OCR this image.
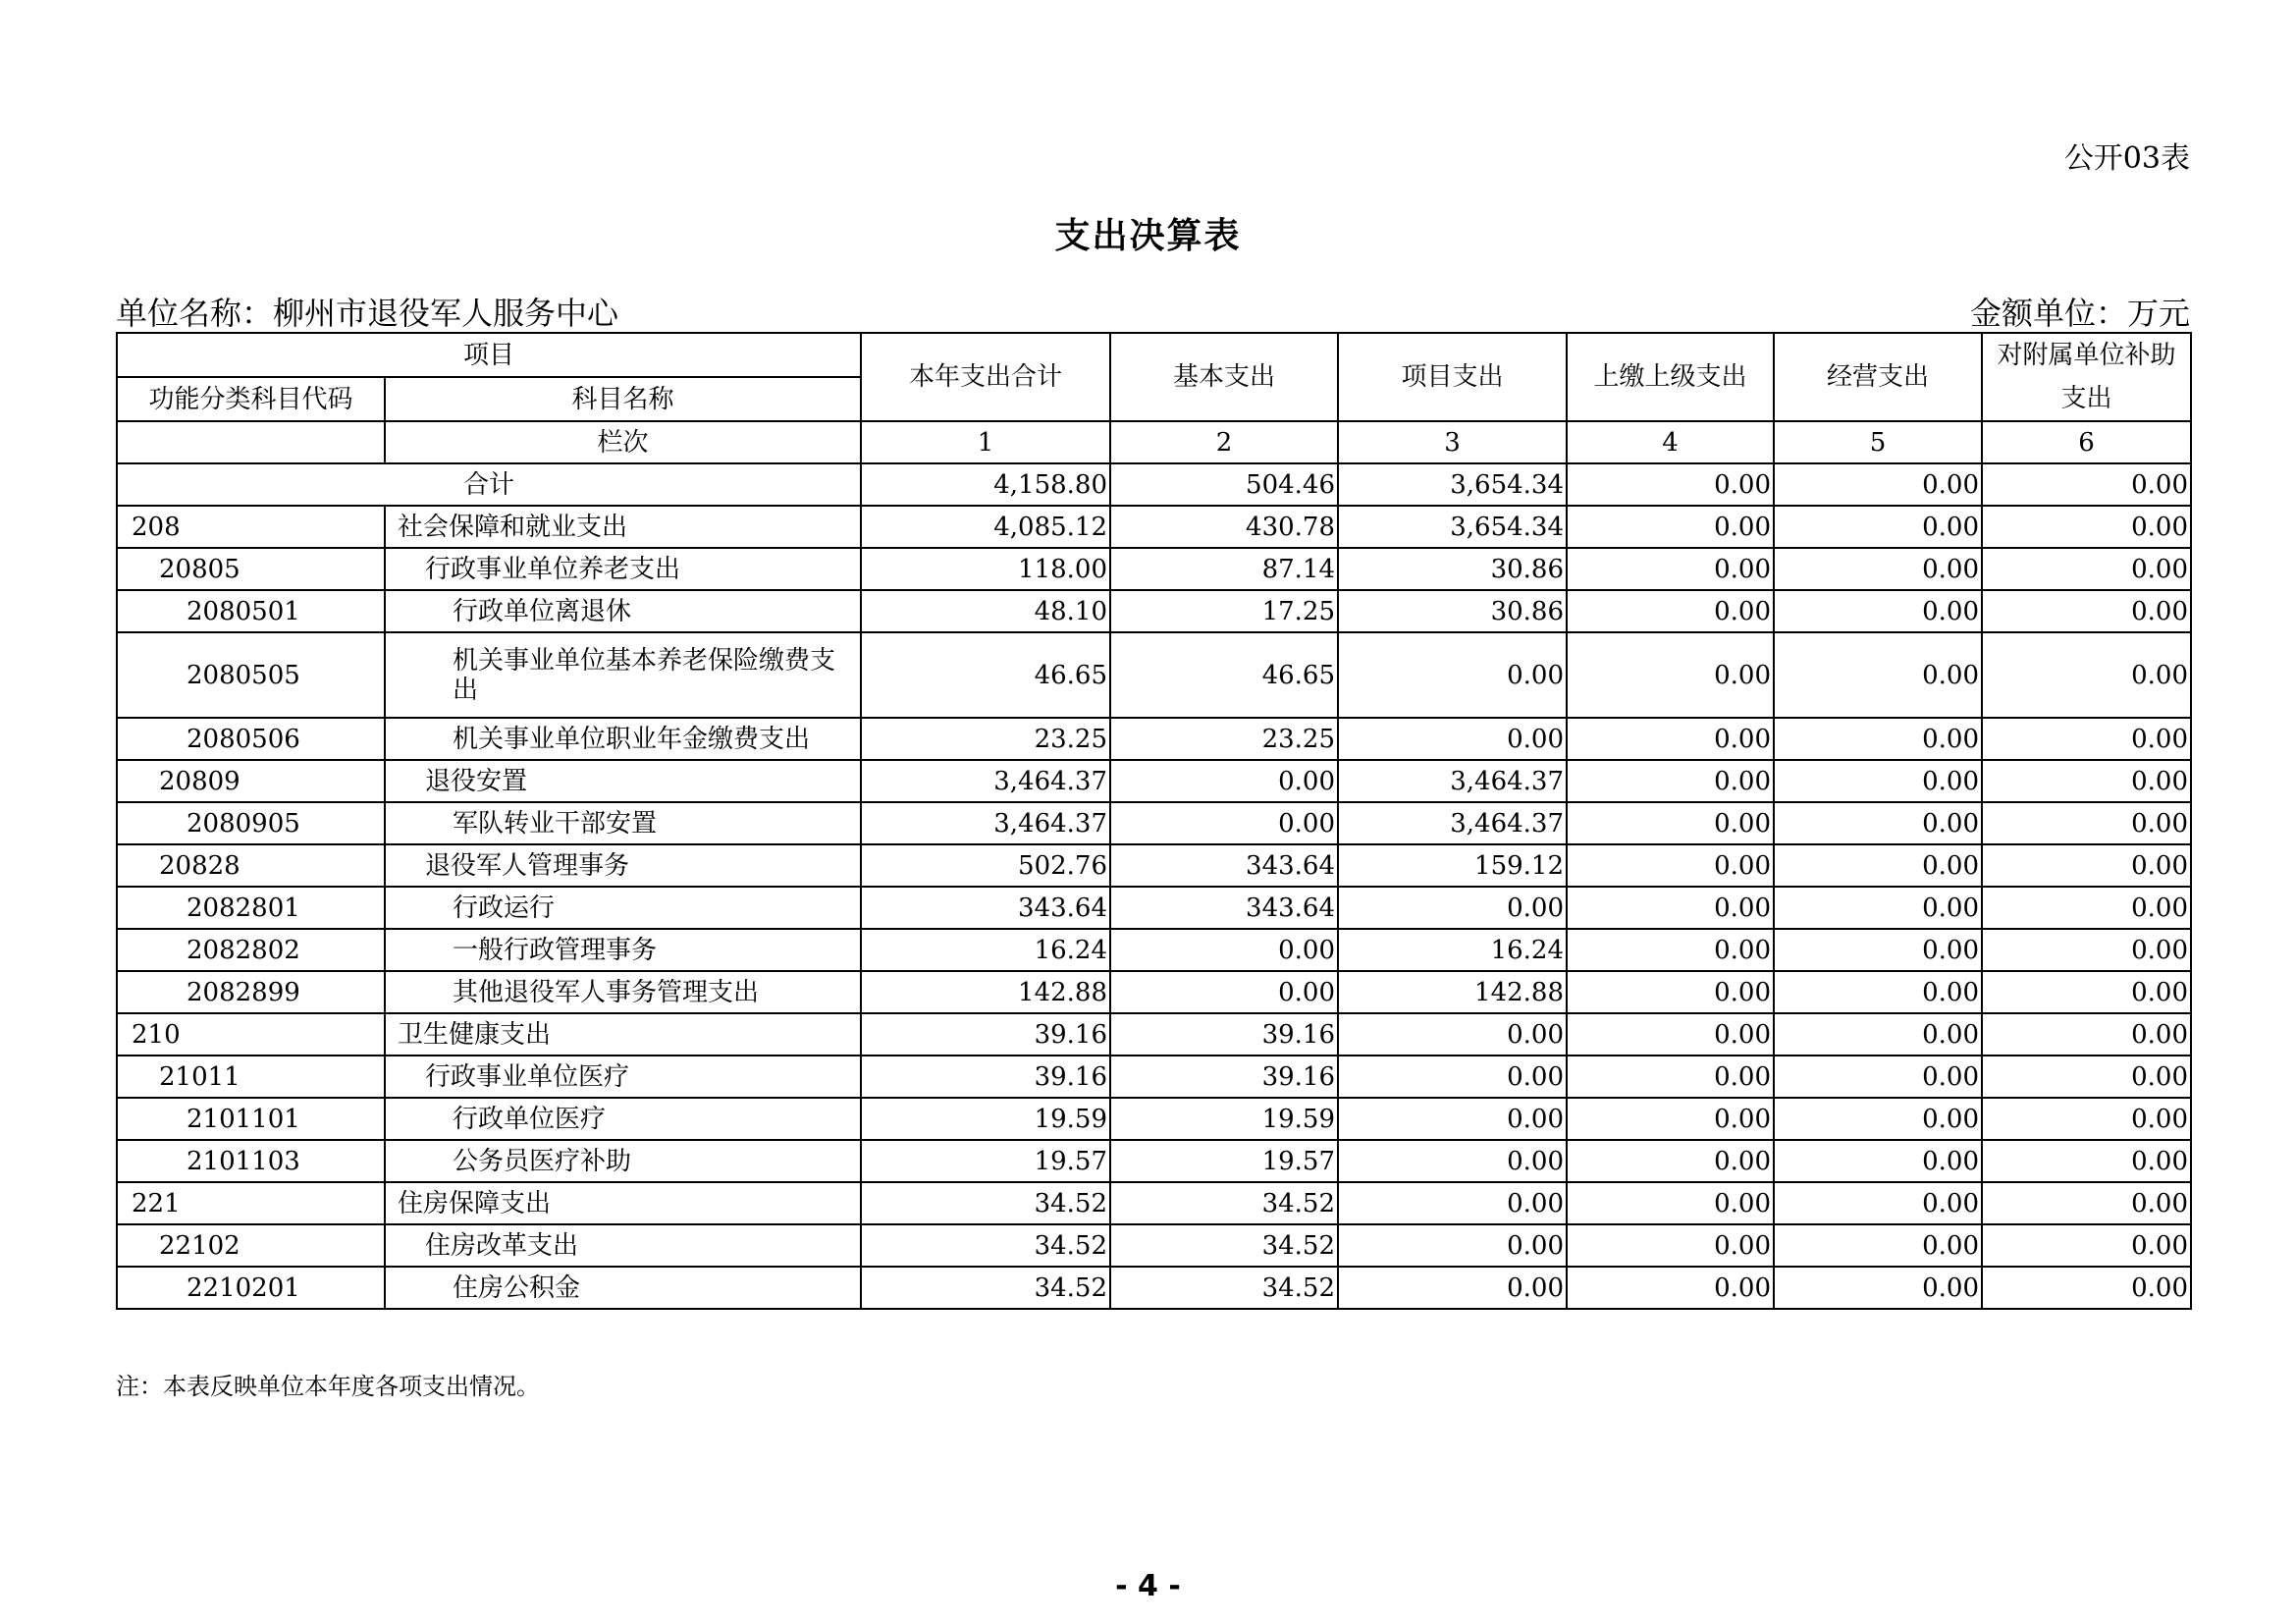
公开03表
支出决算表
单位名称：柳州市退役军人服务中心	金额单位：万元
项目		本年支出合计	基本支出	项目支出	上缴上级支出	经营支出	对附属单位补助支出
功能分类科目代码	科目名称						
	栏次	1	2	3	4	5	6
合计		4,158.80	504.46	3,654.34	0.00	0.00	0.00
208	社会保障和就业支出	4,085.12	430.78	3,654.34	0.00	0.00	0.00
20805	行政事业单位养老支出	118.00	87.14	30.86	0.00	0.00	0.00
2080501	行政单位离退休	48.10	17.25	30.86	0.00	0.00	0.00
2080505	机关事业单位基本养老保险缴费支出	46.65	46.65	0.00	0.00	0.00	0.00
2080506	机关事业单位职业年金缴费支出	23.25	23.25	0.00	0.00	0.00	0.00
20809	退役安置	3,464.37	0.00	3,464.37	0.00	0.00	0.00
2080905	军队转业干部安置	3,464.37	0.00	3,464.37	0.00	0.00	0.00
20828	退役军人管理事务	502.76	343.64	159.12	0.00	0.00	0.00
2082801	行政运行	343.64	343.64	0.00	0.00	0.00	0.00
2082802	一般行政管理事务	16.24	0.00	16.24	0.00	0.00	0.00
2082899	其他退役军人事务管理支出	142.88	0.00	142.88	0.00	0.00	0.00
210	卫生健康支出	39.16	39.16	0.00	0.00	0.00	0.00
21011	行政事业单位医疗	39.16	39.16	0.00	0.00	0.00	0.00
2101101	行政单位医疗	19.59	19.59	0.00	0.00	0.00	0.00
2101103	公务员医疗补助	19.57	19.57	0.00	0.00	0.00	0.00
221	住房保障支出	34.52	34.52	0.00	0.00	0.00	0.00
22102	住房改革支出	34.52	34.52	0.00	0.00	0.00	0.00
2210201	住房公积金	34.52	34.52	0.00	0.00	0.00	0.00
注：本表反映单位本年度各项支出情况。
- 4 -
